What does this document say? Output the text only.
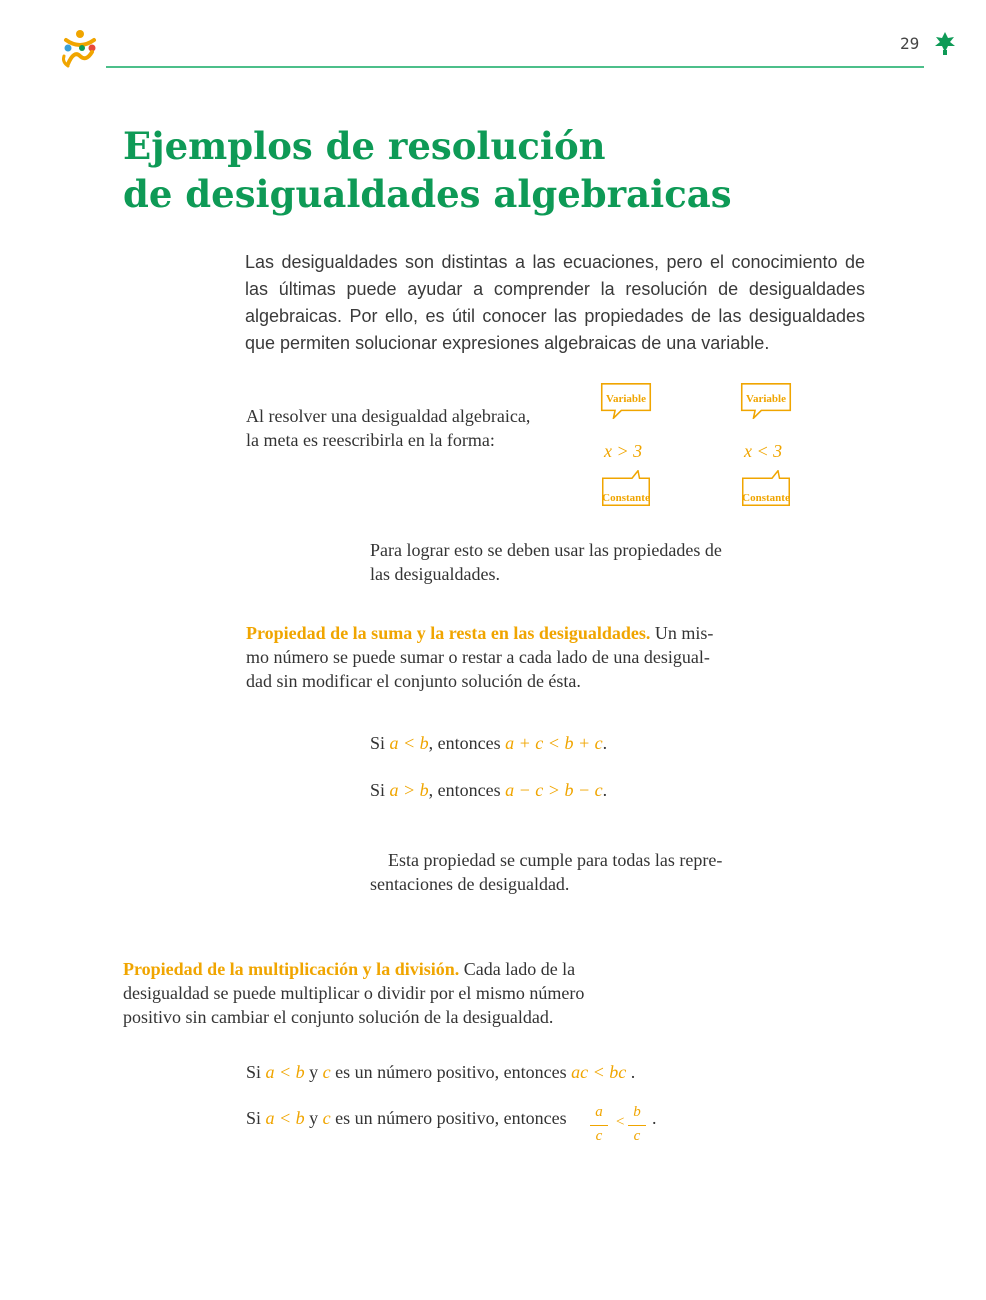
29
Ejemplos de resolución
de desigualdades algebraicas

Las desigualdades son distintas a las ecuaciones, pero el conocimiento de las últimas puede ayudar a comprender la resolución de desigualdades algebraicas. Por ello, es útil conocer las propiedades de las desigualdades que permiten solucionar expresiones algebraicas de una variable.

Al resolver una desigualdad algebraica,
la meta es reescribirla en la forma:

Variable
x > 3
Constante
Variable
x < 3
Constante

Para lograr esto se deben usar las propiedades de
las desigualdades.

Propiedad de la suma y la resta en las desigualdades. Un mis-
mo número se puede sumar o restar a cada lado de una desigual-
dad sin modificar el conjunto solución de ésta.

Si a < b, entonces a + c < b + c.

Si a > b, entonces a − c > b − c.

Esta propiedad se cumple para todas las repre-
sentaciones de desigualdad.

Propiedad de la multiplicación y la división. Cada lado de la
desigualdad se puede multiplicar o dividir por el mismo número
positivo sin cambiar el conjunto solución de la desigualdad.

Si a < b y c es un número positivo, entonces ac < bc .

Si a < b y c es un número positivo, entonces	a
c
<
b
c
.
